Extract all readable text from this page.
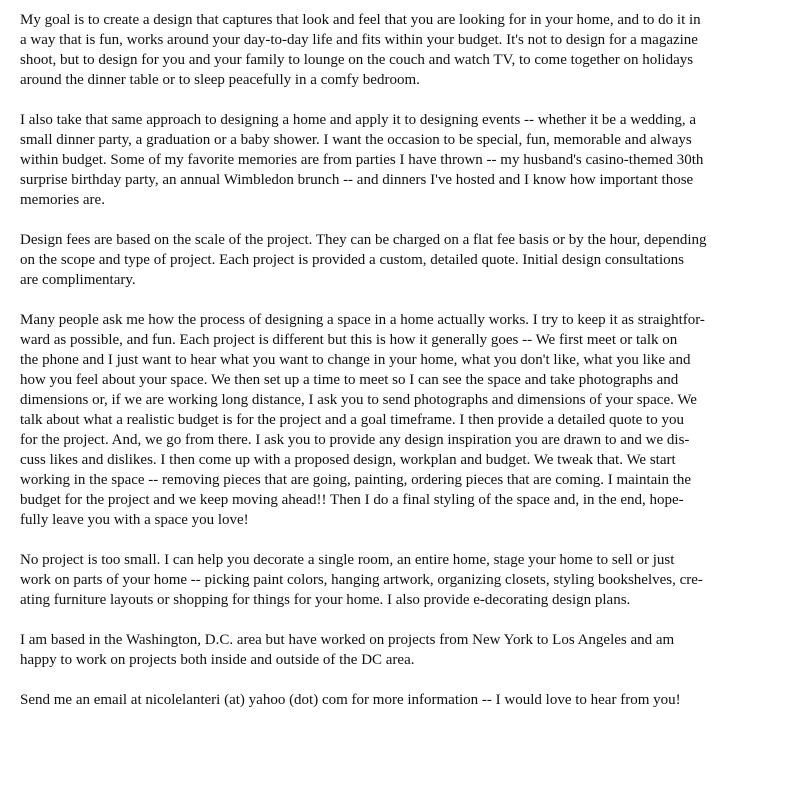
My goal is to create a design that captures that look and feel that you are looking for in your home, and to do it in
a way that is fun, works around your day-to-day life and fits within your budget. It's not to design for a magazine
shoot, but to design for you and your family to lounge on the couch and watch TV, to come together on holidays
around the dinner table or to sleep peacefully in a comfy bedroom.

I also take that same approach to designing a home and apply it to designing events -- whether it be a wedding, a
small dinner party, a graduation or a baby shower. I want the occasion to be special, fun, memorable and always
within budget. Some of my favorite memories are from parties I have thrown -- my husband's casino-themed 30th
surprise birthday party, an annual Wimbledon brunch -- and dinners I've hosted and I know how important those
memories are.

Design fees are based on the scale of the project. They can be charged on a flat fee basis or by the hour, depending
on the scope and type of project. Each project is provided a custom, detailed quote. Initial design consultations
are complimentary.

Many people ask me how the process of designing a space in a home actually works. I try to keep it as straightfor-
ward as possible, and fun. Each project is different but this is how it generally goes -- We first meet or talk on
the phone and I just want to hear what you want to change in your home, what you don't like, what you like and
how you feel about your space. We then set up a time to meet so I can see the space and take photographs and
dimensions or, if we are working long distance, I ask you to send photographs and dimensions of your space. We
talk about what a realistic budget is for the project and a goal timeframe. I then provide a detailed quote to you
for the project. And, we go from there. I ask you to provide any design inspiration you are drawn to and we dis-
cuss likes and dislikes. I then come up with a proposed design, workplan and budget. We tweak that. We start
working in the space -- removing pieces that are going, painting, ordering pieces that are coming. I maintain the
budget for the project and we keep moving ahead!! Then I do a final styling of the space and, in the end, hope-
fully leave you with a space you love!

No project is too small. I can help you decorate a single room, an entire home, stage your home to sell or just
work on parts of your home -- picking paint colors, hanging artwork, organizing closets, styling bookshelves, cre-
ating furniture layouts or shopping for things for your home. I also provide e-decorating design plans.

I am based in the Washington, D.C. area but have worked on projects from New York to Los Angeles and am
happy to work on projects both inside and outside of the DC area.

Send me an email at nicolelanteri (at) yahoo (dot) com for more information -- I would love to hear from you!
